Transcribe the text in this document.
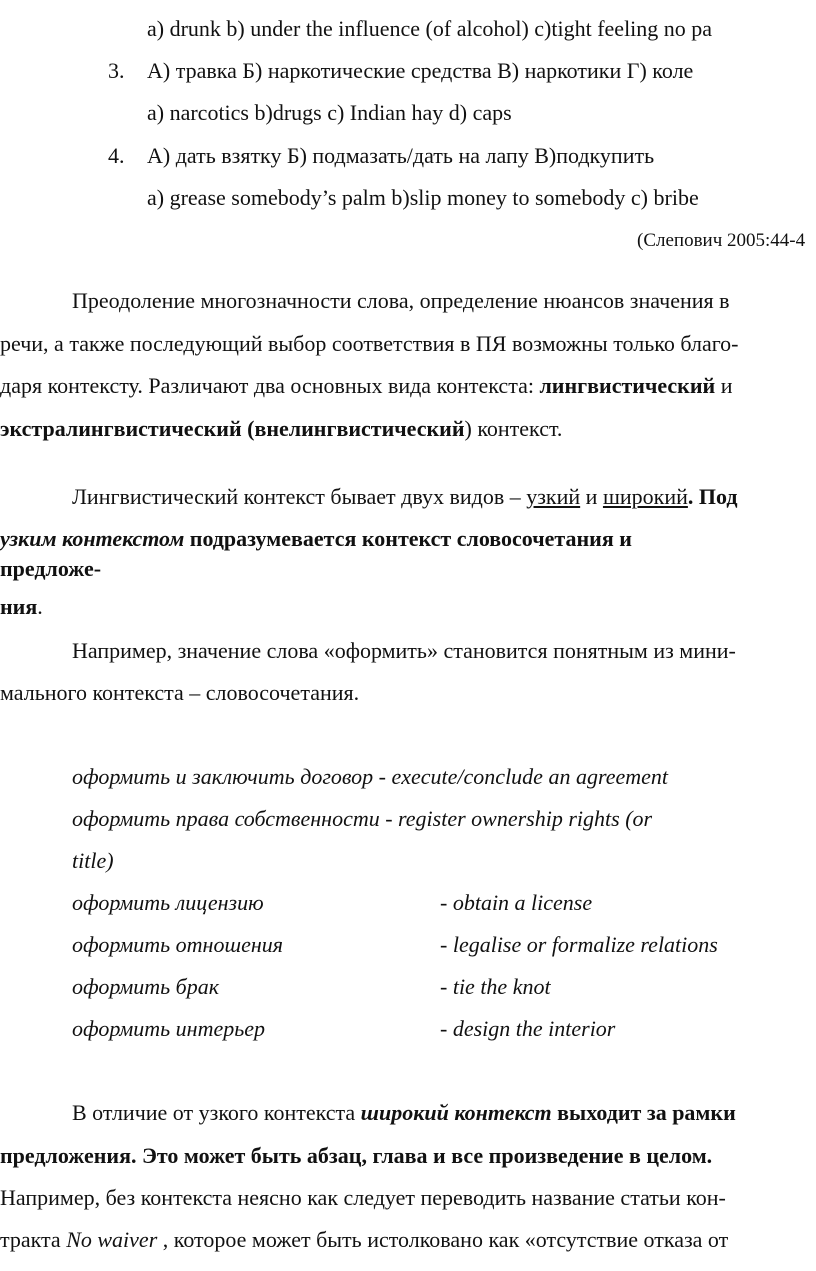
а) drunk b) under the influence (of alcohol) c)tight feeling no pa
3. А) травка Б) наркотические средства В) наркотики Г) коле
а) narcotics b)drugs c) Indian hay d) caps
4. А) дать взятку Б) подмазать/дать на лапу В)подкупить
а) grease somebody’s palm b)slip money to somebody c) bribe
(Слепович 2005:44-4
Преодоление многозначности слова, определение нюансов значения в
речи, а также последующий выбор соответствия в ПЯ возможны только благо-
даря контексту. Различают два основных вида контекста: лингвистический и
экстралингвистический (внелингвистический) контекст.
Лингвистический контекст бывает двух видов – узкий и широкий. Под
узким контекстом подразумевается контекст словосочетания и
предложе-
ния.
Например, значение слова «оформить» становится понятным из мини-
мального контекста – словосочетания.
оформить и заключить договор - execute/conclude an agreement
оформить права собственности - register ownership rights (or
title)
оформить лицензию	- obtain a license
оформить отношения	- legalise or formalize relations
оформить брак	- tie the knot
оформить интерьер	- design the interior
В отличие от узкого контекста широкий контекст выходит за рамки
предложения. Это может быть абзац, глава и все произведение в целом.
Например, без контекста неясно как следует переводить название статьи кон-
тракта No waiver , которое может быть истолковано как «отсутствие отказа от
